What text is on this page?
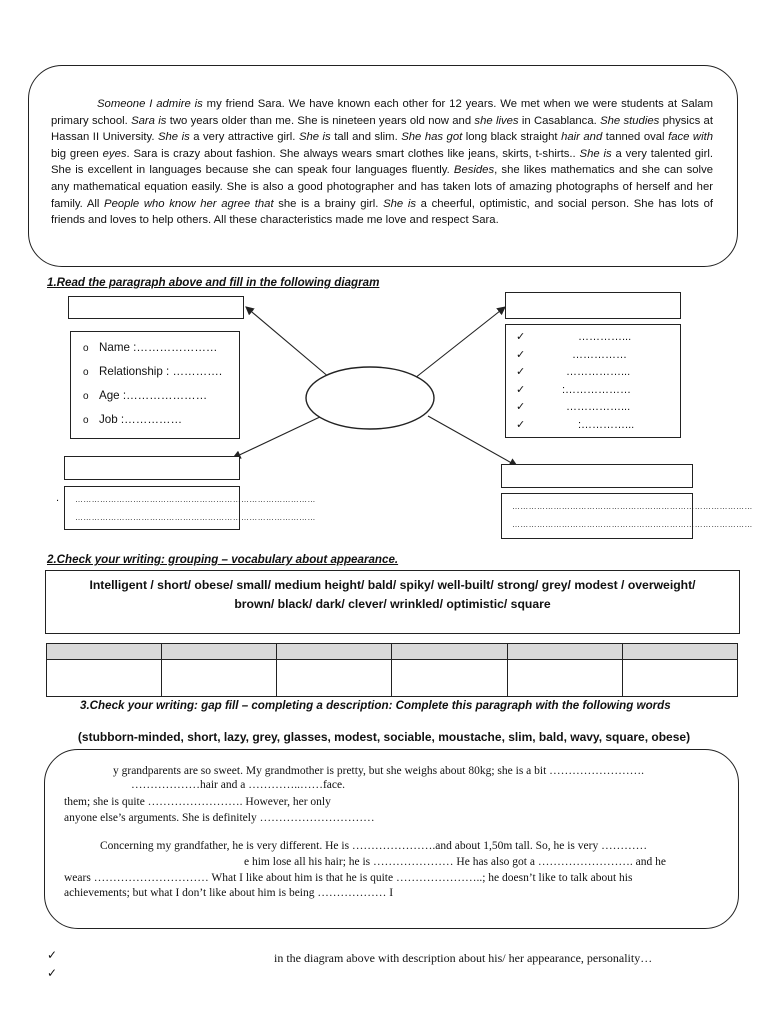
Someone I admire is my friend Sara. We have known each other for 12 years. We met when we were students at Salam primary school. Sara is two years older than me. She is nineteen years old now and she lives in Casablanca. She studies physics at Hassan II University. She is a very attractive girl. She is tall and slim. She has got long black straight hair and tanned oval face with big green eyes. Sara is crazy about fashion. She always wears smart clothes like jeans, skirts, t-shirts.. She is a very talented girl. She is excellent in languages because she can speak four languages fluently. Besides, she likes mathematics and she can solve any mathematical equation easily. She is also a good photographer and has taken lots of amazing photographs of herself and her family. All People who know her agree that she is a brainy girl. She is a cheerful, optimistic, and social person. She has lots of friends and loves to help others. All these characteristics made me love and respect Sara.

1.Read the paragraph above and fill in the following diagram
o Name :…………………
o Relationship : ………….
o Age :…………………
o Job :……………
✓	…………...
✓	……………
✓	……………...
✓	:………………
✓	……………...
✓	:…………...
. ……………………………………………………………………………
……………………………………………………………………………
……………………………………………………………………………
……………………………………………………………………………
2.Check your writing: grouping – vocabulary about appearance.
Intelligent / short/ obese/ small/ medium height/ bald/ spiky/ well-built/ strong/ grey/ modest / overweight/
brown/ black/ dark/ clever/ wrinkled/ optimistic/ square

3.Check your writing: gap fill – completing a description: Complete this paragraph with the following words
(stubborn-minded, short, lazy, grey, glasses, modest, sociable, moustache, slim, bald, wavy, square, obese)
y grandparents are so sweet. My grandmother is pretty, but she weighs about 80kg; she is a bit …………………….
………………hair and a …………..……face.
them; she is quite ……………………. However, her only
anyone else’s arguments. She is definitely …………………………
Concerning my grandfather, he is very different. He is ………………….and about 1,50m tall. So, he is very …………
e him lose all his hair; he is ………………… He has also got a ……………………. and he
wears ………………………… What I like about him is that he is quite …………………..; he doesn’t like to talk about his
achievements; but what I don’t like about him is being ……………… I
✓	in the diagram above with description about his/ her appearance, personality…
✓
